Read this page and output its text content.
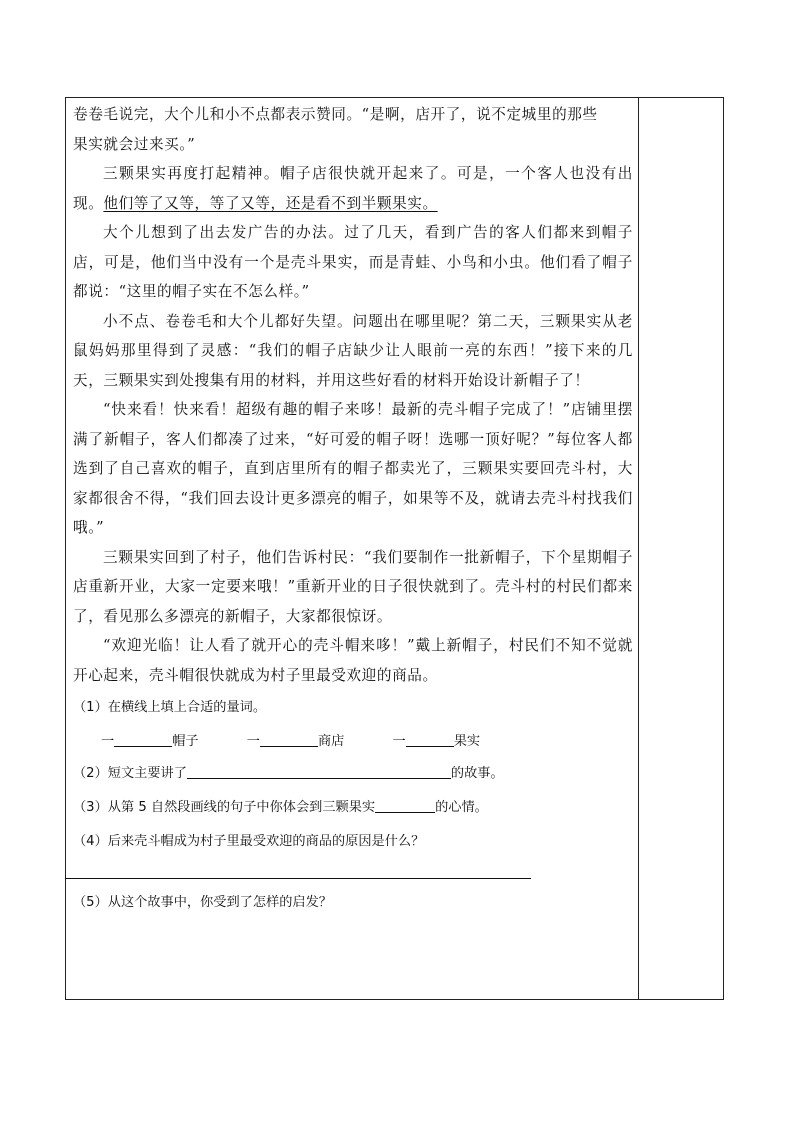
卷卷毛说完，大个儿和小不点都表示赞同。“是啊，店开了，说不定城里的那些

果实就会过来买。”

三颗果实再度打起精神。帽子店很快就开起来了。可是，一个客人也没有出现。他们等了又等，等了又等，还是看不到半颗果实。

大个儿想到了出去发广告的办法。过了几天，看到广告的客人们都来到帽子店，可是，他们当中没有一个是壳斗果实，而是青蛙、小鸟和小虫。他们看了帽子都说：“这里的帽子实在不怎么样。”

小不点、卷卷毛和大个儿都好失望。问题出在哪里呢？第二天，三颗果实从老鼠妈妈那里得到了灵感：“我们的帽子店缺少让人眼前一亮的东西！”接下来的几天，三颗果实到处搜集有用的材料，并用这些好看的材料开始设计新帽子了！

“快来看！快来看！超级有趣的帽子来哆！最新的壳斗帽子完成了！”店铺里摆满了新帽子，客人们都凑了过来，“好可爱的帽子呀！选哪一顶好呢？”每位客人都选到了自己喜欢的帽子，直到店里所有的帽子都卖光了，三颗果实要回壳斗村，大家都很舍不得，“我们回去设计更多漂亮的帽子，如果等不及，就请去壳斗村找我们哦。”

三颗果实回到了村子，他们告诉村民：“我们要制作一批新帽子，下个星期帽子店重新开业，大家一定要来哦！”重新开业的日子很快就到了。壳斗村的村民们都来了，看见那么多漂亮的新帽子，大家都很惊讶。

“欢迎光临！让人看了就开心的壳斗帽来哆！”戴上新帽子，村民们不知不觉就开心起来，壳斗帽很快就成为村子里最受欢迎的商品。

（1）在横线上填上合适的量词。

一	帽子	一	商店	一	果实

（2）短文主要讲了	的故事。

（3）从第 5 自然段画线的句子中你体会到三颗果实	的心情。

（4）后来壳斗帽成为村子里最受欢迎的商品的原因是什么？

（5）从这个故事中，你受到了怎样的启发？
